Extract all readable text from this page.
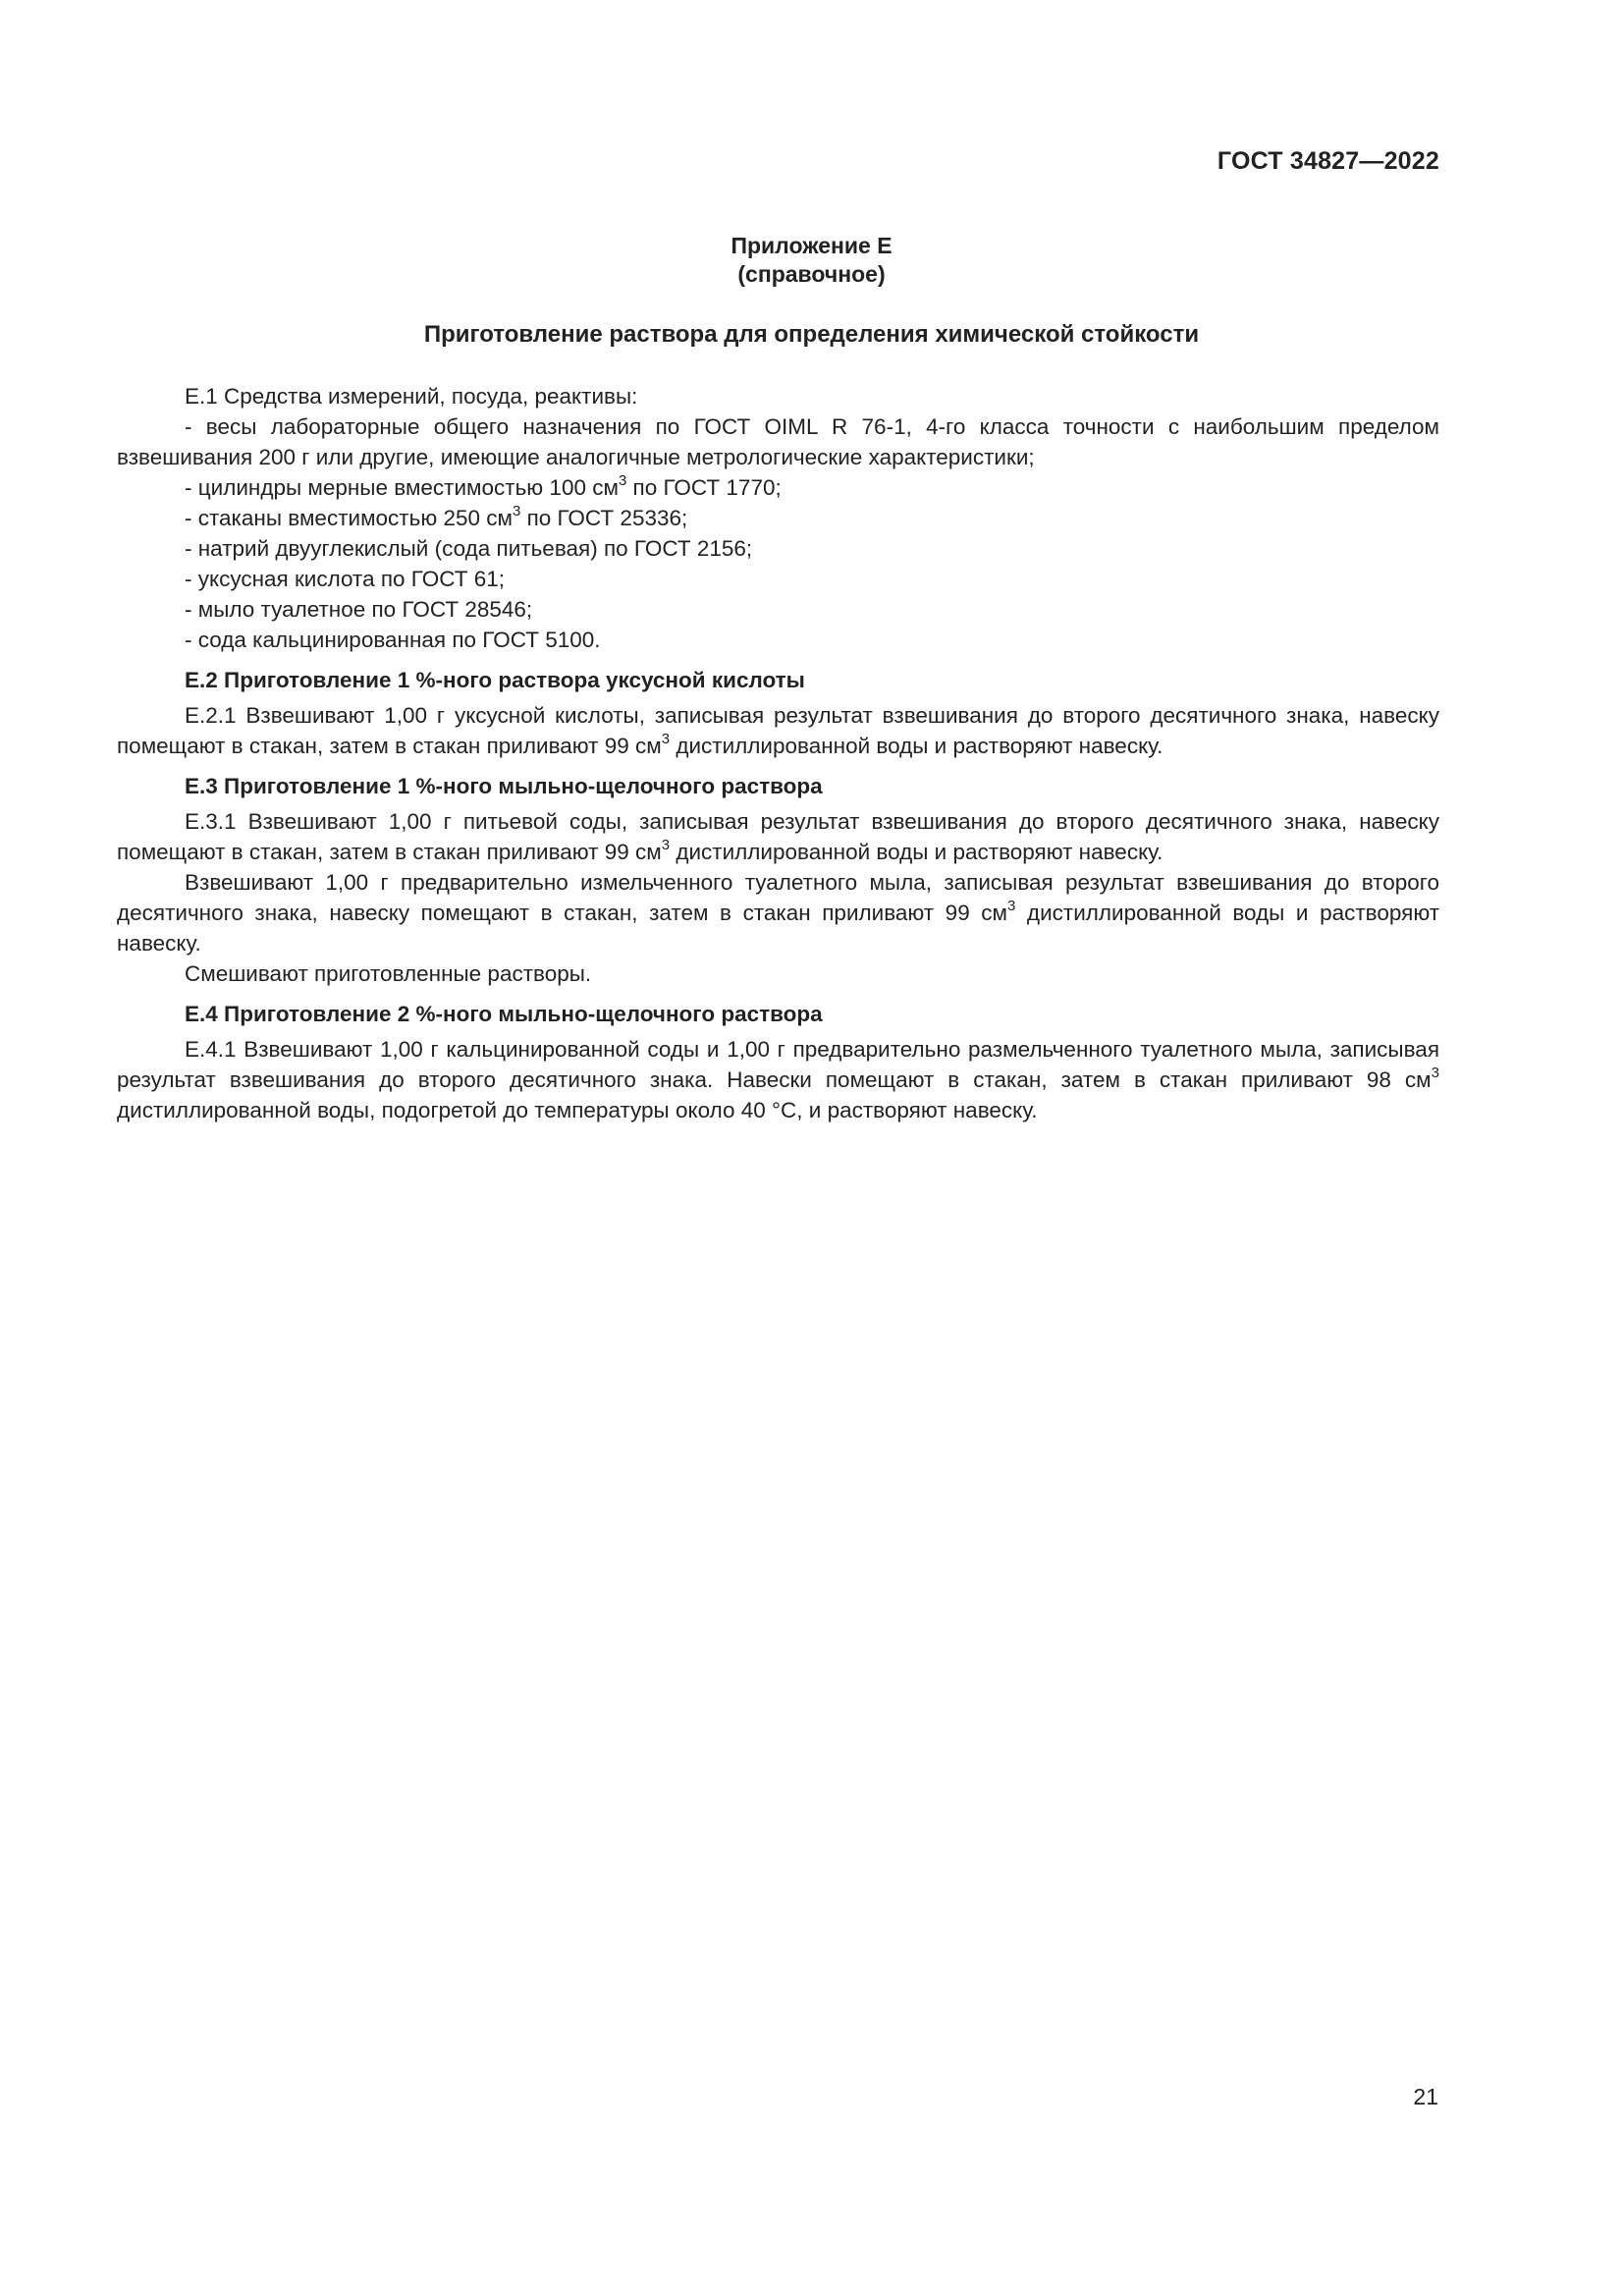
ГОСТ 34827—2022
Приложение Е
(справочное)
Приготовление раствора для определения химической стойкости

Е.1 Средства измерений, посуда, реактивы:

- весы лабораторные общего назначения по ГОСТ OIML R 76-1, 4-го класса точности с наибольшим пределом взвешивания 200 г или другие, имеющие аналогичные метрологические характеристики;

- цилиндры мерные вместимостью 100 $см^3$ по ГОСТ 1770;

- стаканы вместимостью 250 $см^3$ по ГОСТ 25336;

- натрий двууглекислый (сода питьевая) по ГОСТ 2156;

- уксусная кислота по ГОСТ 61;

- мыло туалетное по ГОСТ 28546;

- сода кальцинированная по ГОСТ 5100.

Е.2 Приготовление 1 %-ного раствора уксусной кислоты

Е.2.1 Взвешивают 1,00 г уксусной кислоты, записывая результат взвешивания до второго десятичного знака, навеску помещают в стакан, затем в стакан приливают 99 $см^3$ дистиллированной воды и растворяют навеску.

Е.3 Приготовление 1 %-ного мыльно-щелочного раствора

Е.3.1 Взвешивают 1,00 г питьевой соды, записывая результат взвешивания до второго десятичного знака, навеску помещают в стакан, затем в стакан приливают 99 $см^3$ дистиллированной воды и растворяют навеску.

Взвешивают 1,00 г предварительно измельченного туалетного мыла, записывая результат взвешивания до второго десятичного знака, навеску помещают в стакан, затем в стакан приливают 99 $см^3$ дистиллированной воды и растворяют навеску.

Смешивают приготовленные растворы.

Е.4 Приготовление 2 %-ного мыльно-щелочного раствора

Е.4.1 Взвешивают 1,00 г кальцинированной соды и 1,00 г предварительно размельченного туалетного мыла, записывая результат взвешивания до второго десятичного знака. Навески помещают в стакан, затем в стакан приливают 98 $см^3$ дистиллированной воды, подогретой до температуры около 40 °С, и растворяют навеску.

21
